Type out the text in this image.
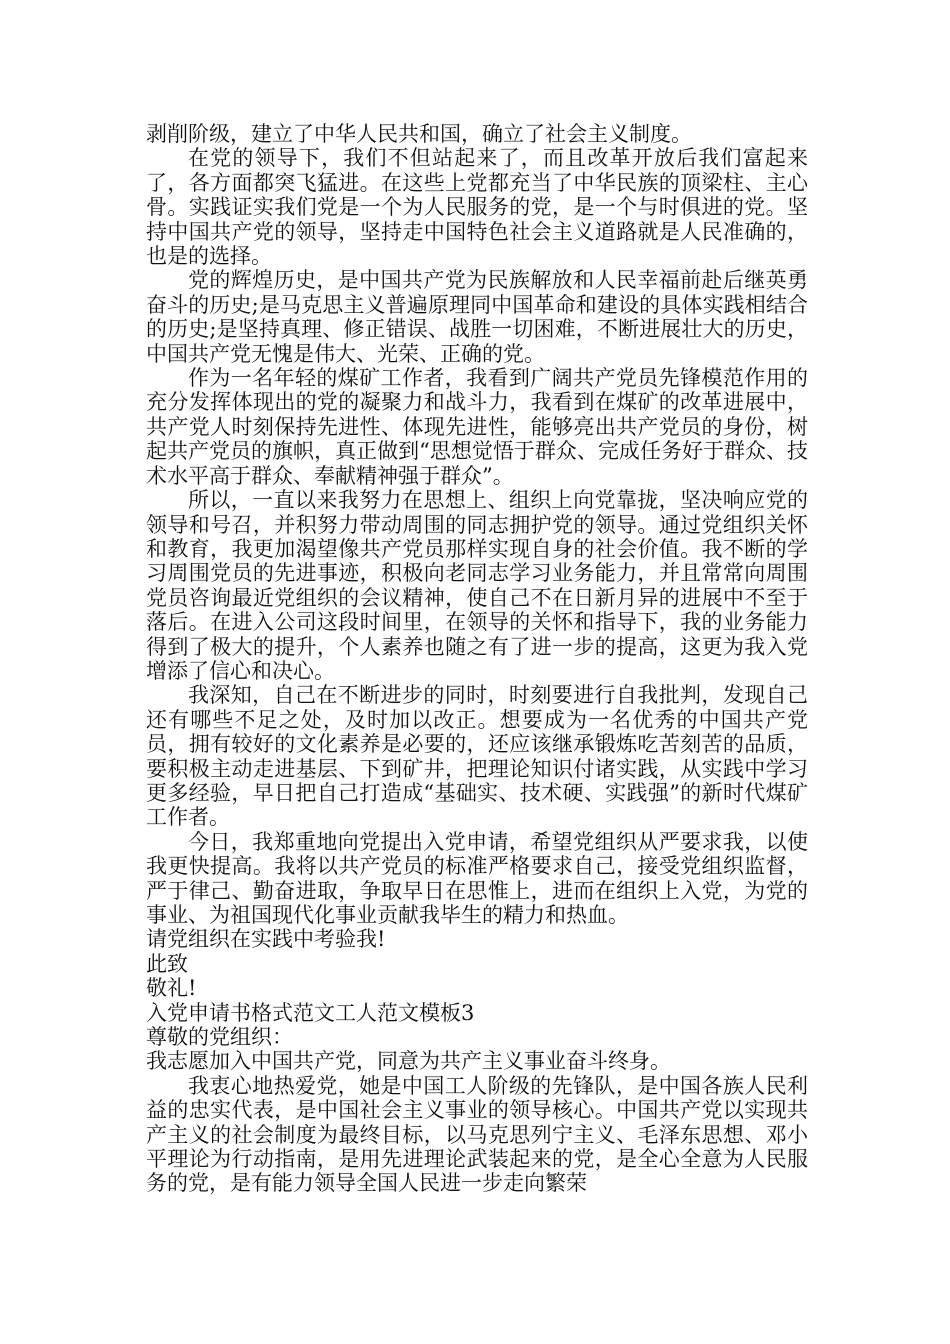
剥削阶级，建立了中华人民共和国，确立了社会主义制度。

在党的领导下，我们不但站起来了，而且改革开放后我们富起来了，各方面都突飞猛进。在这些上党都充当了中华民族的顶梁柱、主心骨。实践证实我们党是一个为人民服务的党，是一个与时俱进的党。坚持中国共产党的领导，坚持走中国特色社会主义道路就是人民准确的，也是的选择。

党的辉煌历史，是中国共产党为民族解放和人民幸福前赴后继英勇奋斗的历史;是马克思主义普遍原理同中国革命和建设的具体实践相结合的历史;是坚持真理、修正错误、战胜一切困难，不断进展壮大的历史，中国共产党无愧是伟大、光荣、正确的党。

作为一名年轻的煤矿工作者，我看到广阔共产党员先锋模范作用的充分发挥体现出的党的凝聚力和战斗力，我看到在煤矿的改革进展中，共产党人时刻保持先进性、体现先进性，能够亮出共产党员的身份，树起共产党员的旗帜，真正做到“思想觉悟于群众、完成任务好于群众、技术水平高于群众、奉献精神强于群众”。

所以，一直以来我努力在思想上、组织上向党靠拢，坚决响应党的领导和号召，并积努力带动周围的同志拥护党的领导。通过党组织关怀和教育，我更加渴望像共产党员那样实现自身的社会价值。我不断的学习周围党员的先进事迹，积极向老同志学习业务能力，并且常常向周围党员咨询最近党组织的会议精神，使自己不在日新月异的进展中不至于落后。在进入公司这段时间里，在领导的关怀和指导下，我的业务能力得到了极大的提升，个人素养也随之有了进一步的提高，这更为我入党增添了信心和决心。

我深知，自己在不断进步的同时，时刻要进行自我批判，发现自己还有哪些不足之处，及时加以改正。想要成为一名优秀的中国共产党员，拥有较好的文化素养是必要的，还应该继承锻炼吃苦刻苦的品质，要积极主动走进基层、下到矿井，把理论知识付诸实践，从实践中学习更多经验，早日把自己打造成“基础实、技术硬、实践强”的新时代煤矿工作者。

今日，我郑重地向党提出入党申请，希望党组织从严要求我，以使我更快提高。我将以共产党员的标准严格要求自己，接受党组织监督，严于律己、勤奋进取，争取早日在思惟上，进而在组织上入党，为党的事业、为祖国现代化事业贡献我毕生的精力和热血。

请党组织在实践中考验我!

此致

敬礼!

入党申请书格式范文工人范文模板3

尊敬的党组织：

我志愿加入中国共产党，同意为共产主义事业奋斗终身。

我衷心地热爱党，她是中国工人阶级的先锋队，是中国各族人民利益的忠实代表，是中国社会主义事业的领导核心。中国共产党以实现共产主义的社会制度为最终目标，以马克思列宁主义、毛泽东思想、邓小平理论为行动指南，是用先进理论武装起来的党，是全心全意为人民服务的党，是有能力领导全国人民进一步走向繁荣
